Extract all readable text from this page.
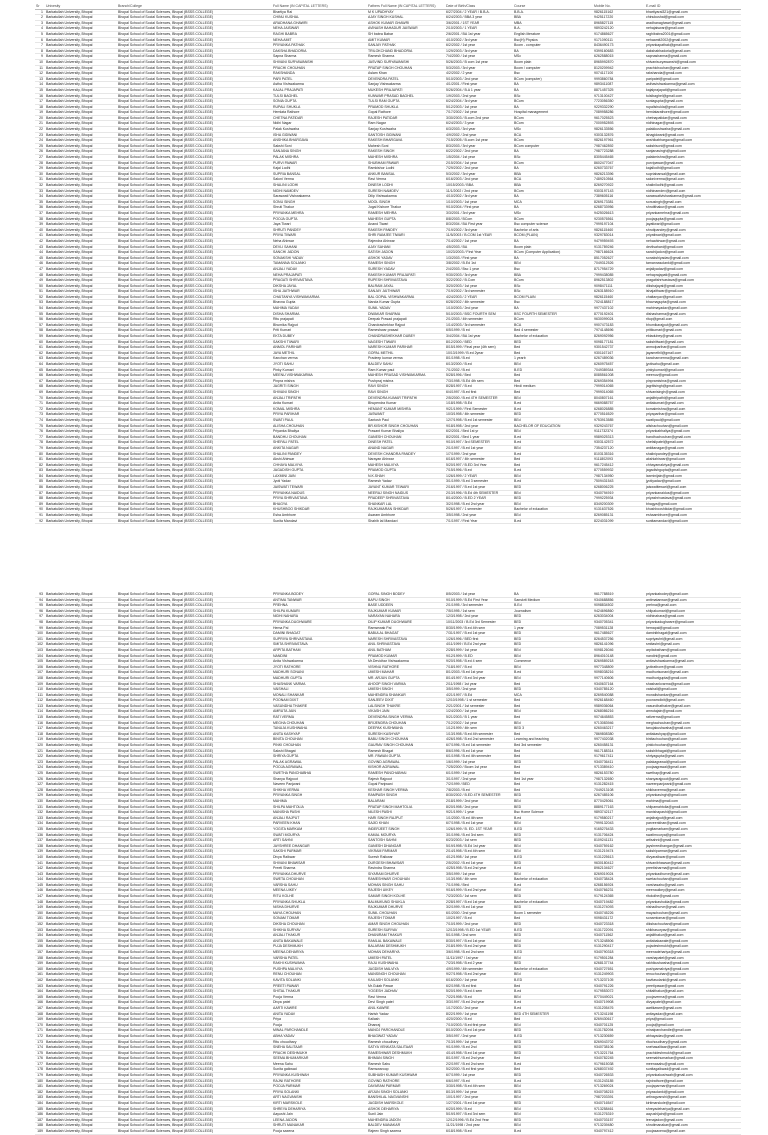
Sr	Univesity	Branch/College	Full Name (IN CAPITAL LETTERS)	Fathers Full Name (IN CAPITAL LETTERS)	Date of Birth/Class	Course	Mobile No.	E-mail ID
1	Barkatullah University, Bhopal	Bhopal School of Social Sciences, Bhopal (BSSS COLLEGE)	Bhartiya Rai	M K UPADHYAY	6/27/2004 / 2 YEAR / B.B.A.	B.B.A.	9826115162	bhartiyarai321@gmail.com
2	Barkatullah University, Bhopal	Bhopal School of Social Sciences, Bhopal (BSSS COLLEGE)	CHINU KUSHAL	AJAY SINGH KUSHAL	6/24/2003 / BBA 3 year	BBA	9425117220	chinukushal@gmail.com
3	Barkatullah University, Bhopal	Bhopal School of Social Sciences, Bhopal (BSSS COLLEGE)	ARADHANA GHAWRI	ASHOK KUMAR GHAWRI	3/6/2001 / 1ST YEAR	MBA	8965827115	aradhanaghawri@gmail.com
4	Barkatullah University, Bhopal	Bhopal School of Social Sciences, Bhopal (BSSS COLLEGE)	NEHA JAISWAR	AVINASH BAHADUR JAISWAR	2/10/2003 / 1 YEAR	B.A.	9893242120	nehajaiswar@gmail.com
5	Barkatullah University, Bhopal	Bhopal School of Social Sciences, Bhopal (BSSS COLLEGE)	RAGHI BABRA	SH babra Babar	2/6/2001 / BA 1st year	English literature	9174865627	raghibabra2001@gmail.com
6	Barkatullah University, Bhopal	Bhopal School of Social Sciences, Bhopal (BSSS COLLEGE)	NEHA AMIT	AMIT KUMAR	4/10/2002 / 3rd year	Bsc(H) Physics	9171090111	nehaamit2002@gmail.com
7	Barkatullah University, Bhopal	Bhopal School of Social Sciences, Bhopal (BSSS COLLEGE)	PRIYANKA PATHAK	SANJAY PATHAK	6/2/2002 / 1st year	Bcom - computer	8436490173	priyankapathak@gmail.com
8	Barkatullah University, Bhopal	Bhopal School of Social Sciences, Bhopal (BSSS COLLEGE)	DAKSHA BHADORIA	TRILOKCHAND BHADORIA	1/29/2003 / 3rd year	BA	9399160683	dakshabhadoria@gmail.com
9	Barkatullah University, Bhopal	Bhopal School of Social Sciences, Bhopal (BSSS COLLEGE)	Sapna Sharma	Ramesh Sharma	7/4/2000 / 1st year	MSc	6262588015	sapnasharma@gmail.com
10	Barkatullah University, Bhopal	Bhopal School of Social Sciences, Bhopal (BSSS COLLEGE)	SHIVANI SURYAWANSHI	JASVIND SURYAWANSHI	5/26/2003 / B com 1st year	Bcom plain	8965992870	shivanisuryawanshi@gmail.com
11	Barkatullah University, Bhopal	Bhopal School of Social Sciences, Bhopal (BSSS COLLEGE)	PRACHI CHOUHAN	PRATAP SINGH CHOUHAN	5/3/2003 / 3rd year	Bcom / computer	8120209942	prachichouhan@gmail.com
12	Barkatullah University, Bhopal	Bhopal School of Social Sciences, Bhopal (BSSS COLLEGE)	RAKSHANDA	Aslam Khan	4/2/2002 / 2 year	Bsc	9074117100	rakshanda@gmail.com
13	Barkatullah University, Bhopal	Bhopal School of Social Sciences, Bhopal (BSSS COLLEGE)	PARI PATEL	DEVENDRA PATEL	5/10/2003 / 2nd year	BCom (computer)	9993860784	paripatel@gmail.com
14	Barkatullah University, Bhopal	Bhopal School of Social Sciences, Bhopal (BSSS COLLEGE)	Astha Vishwakarma	Sanjay Vishwakarma	4/1/2001 / First year	BA	9893411087	asthavishwakarma@gmail.com
15	Barkatullah University, Bhopal	Bhopal School of Social Sciences, Bhopal (BSSS COLLEGE)	KAJAL PRAJAPATI	MUKESH PRAJAPATI	5/26/2004 / B.A 1 year	BA	8871457325	kajalprajapati@gmail.com
16	Barkatullah University, Bhopal	Bhopal School of Social Sciences, Bhopal (BSSS COLLEGE)	TULSI BAGHEL	KUNWAR PRASAD BAGHEL	1/9/2003 / 2nd year	BSc	9713100427	tulsibaghel@gmail.com
17	Barkatullah University, Bhopal	Bhopal School of Social Sciences, Bhopal (BSSS COLLEGE)	SONIA GUPTA	TULSI RAM GUPTA	6/24/2004 / 3rd year	BCom	7723056350	soniagupta@gmail.com
18	Barkatullah University, Bhopal	Bhopal School of Social Sciences, Bhopal (BSSS COLLEGE)	RUPALI SHUKLA	PRAMOD SHUKLA	5/12/2003 / 1st year	BA	9229332290	rupalishukla@gmail.com
19	Barkatullah University, Bhopal	Bhopal School of Social Sciences, Bhopal (BSSS COLLEGE)	Hemlata Rathore	Gopal Rathore	7/17/2002 / 1st year	Hospital management	7089958286	hemlatarathore@gmail.com
20	Barkatullah University, Bhopal	Bhopal School of Social Sciences, Bhopal (BSSS COLLEGE)	CHETNA PATIDAR	RAJESH PATIDAR	3/30/2003 / B.com 2nd year	BCom	9617025523	chetnapatidar@gmail.com
21	Barkatullah University, Bhopal	Bhopal School of Social Sciences, Bhopal (BSSS COLLEGE)	Nidhi Nagar	Ram Nagar	6/24/2003 / 3 year	BCom	7000952893	nidhinagar@gmail.com
22	Barkatullah University, Bhopal	Bhopal School of Social Sciences, Bhopal (BSSS COLLEGE)	Palak Kushwaha	Sanjay Kushwaha	6/3/2003 / 3rd year	MSc	9826133556	palakkushwaha@gmail.com
23	Barkatullah University, Bhopal	Bhopal School of Social Sciences, Bhopal (BSSS COLLEGE)	ISHA GIDWANI	SANTOSH GIDWANI	4/9/2002 / 2nd year	BCA	9303132876	ishagidwani@gmail.com
24	Barkatullah University, Bhopal	Bhopal School of Social Sciences, Bhopal (BSSS COLLEGE)	ANSHIKA BHARGAVA	RAKESH BHARGAVA	7/15/2005 / B.com 1st year	BCom	9826197961	anshikabhargava@gmail.com
25	Barkatullah University, Bhopal	Bhopal School of Social Sciences, Bhopal (BSSS COLLEGE)	Sakshi Soni	Mahesh Soni	8/3/2003 / 3rd year	BCom computer	7987462892	sakshisoni@gmail.com
26	Barkatullah University, Bhopal	Bhopal School of Social Sciences, Bhopal (BSSS COLLEGE)	SANJANA SINGH	RAKESH SINGH	6/22/2002 / 2nd year	BA	7987723288	sanjanasingh@gmail.com
27	Barkatullah University, Bhopal	Bhopal School of Social Sciences, Bhopal (BSSS COLLEGE)	PALAK MISHRA	MAHESH MISHRA	1/5/2004 / 1st year	BSc	8305445465	palakmishra@gmail.com
28	Barkatullah University, Bhopal	Bhopal School of Social Sciences, Bhopal (BSSS COLLEGE)	PURVI PAWAR	SHUBHAM PAWAR	2/15/2004 / 1st year	BCom	8602477047	purvipawar@gmail.com
29	Barkatullah University, Bhopal	Bhopal School of Social Sciences, Bhopal (BSSS COLLEGE)	Kajal Lodhi	Ramkishor Lodhi	7/29/2002 / 2nd year	BA	6260733767	kajallodhi@gmail.com
30	Barkatullah University, Bhopal	Bhopal School of Social Sciences, Bhopal (BSSS COLLEGE)	SUPRIA BANSAL	ANKUR BANSAL	5/3/2002 / 3rd year	BBA	9826213396	supriabansal@gmail.com
31	Barkatullah University, Bhopal	Bhopal School of Social Sciences, Bhopal (BSSS COLLEGE)	Saloni Verma	Ravi Verma	6/16/2003 / 2nd year	BCA	7489210564	saloniverma@gmail.com
32	Barkatullah University, Bhopal	Bhopal School of Social Sciences, Bhopal (BSSS COLLEGE)	SHALINI LODHI	DINESH LODHI	10/15/2003 / BBA	BBA	8269270922	shalinilodhi@gmail.com
33	Barkatullah University, Bhopal	Bhopal School of Social Sciences, Bhopal (BSSS COLLEGE)	NIDHI NAMDEV	SURESH NAMDEV	11/1/2002 / 2nd year	BCom	9303197143	nidhinamdev@gmail.com
34	Barkatullah University, Bhopal	Bhopal School of Social Sciences, Bhopal (BSSS COLLEGE)	Saraswati Vishwakarma	Dilip Vishwakarma	4/10/2002 / 3rd year	BA	7389605116	saraswativishwakarma@gmail.com
35	Barkatullah University, Bhopal	Bhopal School of Social Sciences, Bhopal (BSSS COLLEGE)	SONU SINGH	MOOL SINGH	1/10/2003 / 1st year	MCA	8269173381	sonusingh@gmail.com
36	Barkatullah University, Bhopal	Bhopal School of Social Sciences, Bhopal (BSSS COLLEGE)	Shruti Thakur	Jugal Kishore Thakur	9/10/2004 / First year	BA	6268733956	shrutithakur@gmail.com
37	Barkatullah University, Bhopal	Bhopal School of Social Sciences, Bhopal (BSSS COLLEGE)	PRIYANKA MEHRA	RAMESH MEHRA	3/3/2001 / 3rd year	MSc	9425026613	priyankamehra@gmail.com
38	Barkatullah University, Bhopal	Bhopal School of Social Sciences, Bhopal (BSSS COLLEGE)	POOJA GUPTA	MAHESH GUPTA	8/8/2003 / BCom	BCom	9230576561	poojagupta@gmail.com
39	Barkatullah University, Bhopal	Bhopal School of Social Sciences, Bhopal (BSSS COLLEGE)	Jaya Tiwari	Anand Tiwari	8/3/2004 / BA First year	Bsc computer science	7999197104	jayatiwari@gmail.com
40	Barkatullah University, Bhopal	Bhopal School of Social Sciences, Bhopal (BSSS COLLEGE)	SHRUTI PANDEY	RAKESH PANDEY	7/19/2002 / 3rd year	Bachelor of arts	9826115460	shrutipandey@gmail.com
41	Barkatullah University, Bhopal	Bhopal School of Social Sciences, Bhopal (BSSS COLLEGE)	PRIYA TIWARI	SHRI RAMJEE TIWARI	11/5/2003 / B.COM 1st YEAR	BCOM (PLAIN)	9329783014	priyatiwari@gmail.com
42	Barkatullah University, Bhopal	Bhopal School of Social Sciences, Bhopal (BSSS COLLEGE)	Neha Ahirwar	Rajendra Ahirwar	7/14/2002 / 1st year	BA	9479959493	nehaahirwar@gmail.com
43	Barkatullah University, Bhopal	Bhopal School of Social Sciences, Bhopal (BSSS COLLEGE)	DEVLI SAHANI	AJAY SAHANI	4/5/2003 / BA	Bcom plain	9131789246	devlisahani@gmail.com
44	Barkatullah University, Bhopal	Bhopal School of Social Sciences, Bhopal (BSSS COLLEGE)	SANCHI JADON	SATISH JADON	10/23/2003 / First Year	BCom (Computer Application)	7987166624	sanchijadon@gmail.com
45	Barkatullah University, Bhopal	Bhopal School of Social Sciences, Bhopal (BSSS COLLEGE)	SONAKSHI YADAV	ASHOK YADAV	1/3/2003 / First year	BA	8517052627	sonakshiyadav@gmail.com
46	Barkatullah University, Bhopal	Bhopal School of Social Sciences, Bhopal (BSSS COLLEGE)	TAMANNA SOLANKI	RAMESH SINGH	3/8/2002 / B.Ed 1st	BEd	7049312526	tamannasolanki@gmail.com
47	Barkatullah University, Bhopal	Bhopal School of Social Sciences, Bhopal (BSSS COLLEGE)	ANJALI YADAV	SURESH YADAV	2/4/2003 / Bsc 1 year	Bsc	8717954729	anjaliyadav@gmail.com
48	Barkatullah University, Bhopal	Bhopal School of Social Sciences, Bhopal (BSSS COLLEGE)	NEHA PRAJAPATI	RAKESH KUMAR PRAJAPATI	9/30/2003 / 3rd year	BBA	7999438085	nehaprajapati@gmail.com
49	Barkatullah University, Bhopal	Bhopal School of Social Sciences, Bhopal (BSSS COLLEGE)	PRAGATI SHRIVASTAVA	RUPESH SHRIVASTAVA	3/22/2002 / B.Com	BCom	8962513802	pragatishrivastava@gmail.com
50	Barkatullah University, Bhopal	Bhopal School of Social Sciences, Bhopal (BSSS COLLEGE)	DIKSHA JAYAL	BALRAM JAYAL	3/20/2003 / 1st year	BSc	9098471111	dikshajayal@gmail.com
51	Barkatullah University, Bhopal	Bhopal School of Social Sciences, Bhopal (BSSS COLLEGE)	ISHA JAITHWAR	SANJAY JAITHWAR	7/19/2002 / 3rd semester	BSc	6263158910	ishajaithwar@gmail.com
52	Barkatullah University, Bhopal	Bhopal School of Social Sciences, Bhopal (BSSS COLLEGE)	CHAITANYA VISHWAKARMA	BAL GOPAL VISHWAKARMA	4/24/2003 / 2 YEAR	BCOM PLAIN	9826115460	chaitanyav@gmail.com
53	Barkatullah University, Bhopal	Bhopal School of Social Sciences, Bhopal (BSSS COLLEGE)	Bhavna Gupta	Nanda Kumar Gupta	6/28/2002 / 4th semester	Bsc	7024188817	bhavnagupta@gmail.com
54	Barkatullah University, Bhopal	Bhopal School of Social Sciences, Bhopal (BSSS COLLEGE)	MAHIMA YADAV	SUNIL YADAV	1/10/2003 / 2nd year	BA	9977437102	mahimayadav@gmail.com
55	Barkatullah University, Bhopal	Bhopal School of Social Sciences, Bhopal (BSSS COLLEGE)	DISHA SHARMA	DIWAKAR SHARMA	5/10/2003 / BSC FOURTH SEM	BSC FOURTH SEMESTER	8770192401	dishasharma@gmail.com
56	Barkatullah University, Bhopal	Bhopal School of Social Sciences, Bhopal (BSSS COLLEGE)	Ritu prajapati	Deepak Prasad prajapati	2/1/2003 / 4th semester	BCom	9630099024	ritup@gmail.com
57	Barkatullah University, Bhopal	Bhopal School of Social Sciences, Bhopal (BSSS COLLEGE)	Bhumika Rajput	Chandrashekhar Rajput	1/14/2003 / 3rd semester	BCA	9907473183	bhumikarajput@gmail.com
58	Barkatullah University, Bhopal	Bhopal School of Social Sciences, Bhopal (BSSS COLLEGE)	Priti Kumari	Rameshwar prasad	6/5/1999 / B ed	Bed 4 semester	7974148696	pritikumari@gmail.com
59	Barkatullah University, Bhopal	Bhopal School of Social Sciences, Bhopal (BSSS COLLEGE)	EKTA DUBEY	CHANDRASHEKHAR DUBEY	3/4/2004 / BA 1st year	Bachelor of education	8269092956	ektadubey@gmail.com
60	Barkatullah University, Bhopal	Bhopal School of Social Sciences, Bhopal (BSSS COLLEGE)	SAKSHI TIWARI	NAGESH TIWARI	8/12/2000 / BED	BED	9098177181	sakshitiwari@gmail.com
61	Barkatullah University, Bhopal	Bhopal School of Social Sciences, Bhopal (BSSS COLLEGE)	ANMOL PARIHAR	NARESH KUMAR PARIHAR	8/15/1999 / Final year (4th sem)	Bed	9301542737	anmolparihar@gmail.com
62	Barkatullah University, Bhopal	Bhopal School of Social Sciences, Bhopal (BSSS COLLEGE)	JAYA METHIL	GOPAL METHIL	10/13/1999 / B.ed 2year	Bed	9301167167	jayamethil@gmail.com
63	Barkatullah University, Bhopal	Bhopal School of Social Sciences, Bhopal (BSSS COLLEGE)	Kanchan verma	Pradeep kumar verma	8/1/1998 / B.ed	1 yearb	6267489036	kanchanverma@gmail.com
64	Barkatullah University, Bhopal	Bhopal School of Social Sciences, Bhopal (BSSS COLLEGE)	JYOTI SAHU	BALDEV SAHU	6/13/2000 / B.ed	BEd	6260975457	jyotisahu@gmail.com
65	Barkatullah University, Bhopal	Bhopal School of Social Sciences, Bhopal (BSSS COLLEGE)	Pinky Kumari	Ram Kumar paul	7/1/2002 / B.ed	B.ED	7049389344	pinkykumari@gmail.com
66	Barkatullah University, Bhopal	Bhopal School of Social Sciences, Bhopal (BSSS COLLEGE)	MEENU VISHWAKARMA	MAHESH PRASAD VISHWAKARMA	5/28/1996 / Bed	Bed	8085561008	meenuv@gmail.com
67	Barkatullah University, Bhopal	Bhopal School of Social Sciences, Bhopal (BSSS COLLEGE)	Pinpra mishra	Pushpraj mishra	7/3/1998 / B.Ed 4th sem	Bed	8269354994	pinpramishra@gmail.com
68	Barkatullah University, Bhopal	Bhopal School of Social Sciences, Bhopal (BSSS COLLEGE)	JAGRITI SINGH	RAVI SINGH	8/28/1997 / B.ed	Hindi medium	7999014065	jagritisingh@gmail.com
69	Barkatullah University, Bhopal	Bhopal School of Social Sciences, Bhopal (BSSS COLLEGE)	SHIVANI SINGH	RAVI SINGH	6/4/1997 / B.ed first	Bed	7999014065	shivanisingh@gmail.com
70	Barkatullah University, Bhopal	Bhopal School of Social Sciences, Bhopal (BSSS COLLEGE)	ANJALI TRIPATHI	DEVENDRA KUMAR TRIPATHI	2/5/2000 / B.ed 4TH SEMESTER	BEd	8040807161	anjalitripathi@gmail.com
71	Barkatullah University, Bhopal	Bhopal School of Social Sciences, Bhopal (BSSS COLLEGE)	Anita Kumari	Bhupendra Kumar	1/18/1998 / B.Ed	B.ed	9669088757	anitakumari@gmail.com
72	Barkatullah University, Bhopal	Bhopal School of Social Sciences, Bhopal (BSSS COLLEGE)	KOMAL MISHRA	HEMANT KUMAR MISHRA	9/21/1999 / First Semester	B.ed	6268026885	komalmishra@gmail.com
73	Barkatullah University, Bhopal	Bhopal School of Social Sciences, Bhopal (BSSS COLLEGE)	PRIYA PARIHAR	JASWANT	10/3/1998 / 4th semester	BED	8770516529	priyaparihar@gmail.com
74	Barkatullah University, Bhopal	Bhopal School of Social Sciences, Bhopal (BSSS COLLEGE)	SWATI PAUL	Santosh Paul	12/7/1998 / B.ed 1st semester	BEd	9753913585	swatipaul@gmail.com
75	Barkatullah University, Bhopal	Bhopal School of Social Sciences, Bhopal (BSSS COLLEGE)	ALISHA CHOUHAN	BR.KISHOR SINGH CHOUHAN	9/18/1998 / 2nd year	BACHELOR OF EDUCATION	9329243767	alishachouhan@gmail.com
76	Barkatullah University, Bhopal	Bhopal School of Social Sciences, Bhopal (BSSS COLLEGE)	Priyanka Bhaliya	Prasant Kumar Bhaliya	6/2/2001 / Bed 1st yr	BEd	9111732374	priyankabhaliya@gmail.com
77	Barkatullah University, Bhopal	Bhopal School of Social Sciences, Bhopal (BSSS COLLEGE)	BANDHU CHOUHAN	GANESH CHOUHAN	8/2/2001 / Bed 1 year	B.ed	9589025313	bandhuchouhan@gmail.com
78	Barkatullah University, Bhopal	Bhopal School of Social Sciences, Bhopal (BSSS COLLEGE)	SHEFALI PATEL	DINESH PATEL	9/10/1997 / 3rd SEMESTER	B.ed	9303142572	shefalipatel@gmail.com
79	Barkatullah University, Bhopal	Bhopal School of Social Sciences, Bhopal (BSSS COLLEGE)	ANKITA NAGAR	ANAND NAGAR	2/1/1997 / B.ed 1st year	BEd	7354237120	ankitanagar@gmail.com
80	Barkatullah University, Bhopal	Bhopal School of Social Sciences, Bhopal (BSSS COLLEGE)	SHALINI PANDEY	DEVESH CHANDRA PANDEY	1/7/1999 / 2nd year	B.ed	8103135316	shalinipandey@gmail.com
81	Barkatullah University, Bhopal	Bhopal School of Social Sciences, Bhopal (BSSS COLLEGE)	Akshi Ahirwar	Narayan Ahirwar	6/16/1997 / 4th semester	Bed	9111802093	akshiahirwar@gmail.com
82	Barkatullah University, Bhopal	Bhopal School of Social Sciences, Bhopal (BSSS COLLEGE)	CHHAYA MALVIYA	MAHESH MALVIYA	5/20/1997 / B.ED 3rd Year	Bed	9617245412	chhayamalviya@gmail.com
83	Barkatullah University, Bhopal	Bhopal School of Social Sciences, Bhopal (BSSS COLLEGE)	JAGADISH GUPTA	PRAMOD GUPTA	7/15/1996 / B.ed	B.ed	8770559932	jagadishgupta@gmail.com
84	Barkatullah University, Bhopal	Bhopal School of Social Sciences, Bhopal (BSSS COLLEGE)	LAXMINI JAIN	N.K.SHAH	1/26/1999 / 2 YEAR	BEd	7987134950	laxminijain@gmail.com
85	Barkatullah University, Bhopal	Bhopal School of Social Sciences, Bhopal (BSSS COLLEGE)	Jyoti Yadav	Ramesh Yadav	3/1/1999 / B.ed 3 semester	B.ed	7509431543	jyotiyadav@gmail.com
86	Barkatullah University, Bhopal	Bhopal School of Social Sciences, Bhopal (BSSS COLLEGE)	JAISWATI TEWARI	JAYANT KUMAR TEWARI	2/16/1997 / B.ed 1st year	BED	6268006225	jaiswatitewari@gmail.com
87	Barkatullah University, Bhopal	Bhopal School of Social Sciences, Bhopal (BSSS COLLEGE)	PRIYANKA NAIDUS	NEERAJ SINGH NAIDUS	2/13/1996 / B.Ed 4th SEMESTER	BEd	9340794919	priyankanaidus@gmail.com
88	Barkatullah University, Bhopal	Bhopal School of Social Sciences, Bhopal (BSSS COLLEGE)	PRIYA SHRIVASTAVA	PRADEEP SHRIVASTAVA	8/14/2000 / B.ED 2 YEAR	BED	7999225934	priyashrivastava@gmail.com
89	Barkatullah University, Bhopal	Bhopal School of Social Sciences, Bhopal (BSSS COLLEGE)	BHAGYA	SHANKAR LAL	3/2/1998 / B.ed 2nd year	BEd	8349200309	bhagya@gmail.com
90	Barkatullah University, Bhopal	Bhopal School of Social Sciences, Bhopal (BSSS COLLEGE)	KHUSHBOO SHIKDAR	RAJKUMARAN SHIKDAR	5/26/1997 / 1 semester	Bachelor of education	9131637526	khushbooshikdar@gmail.com
91	Barkatullah University, Bhopal	Bhopal School of Social Sciences, Bhopal (BSSS COLLEGE)	Esha Ambhore	Asaram Ambhore	3/5/1998 / 2nd year	BEd	8269085131	eshaambhore@gmail.com
92	Barkatullah University, Bhopal	Bhopal School of Social Sciences, Bhopal (BSSS COLLEGE)	Sunita Mandavi	Shahib lal Mandavi	7/1/1997 / First Year	B.ed	8224031099	sunitamandavi@gmail.com
93	Barkatullah University, Bhopal	Bhopal School of Social Sciences, Bhopal (BSSS COLLEGE)	PRIYANKA BODEY	GOPAL SINGH BODEY	8/5/2003 / 1st year	BA	9617788519	priyankabodey@gmail.com
94	Barkatullah University, Bhopal	Bhopal School of Social Sciences, Bhopal (BSSS COLLEGE)	ANTIMA TANWAR	BAPU SINGH	9/10/1999 / B.Ed First Year	Sanskrit Medium	9340688856	antimatanwar@gmail.com
95	Barkatullah University, Bhopal	Bhopal School of Social Sciences, Bhopal (BSSS COLLEGE)	PREHNA	BASE UDDEEN	2/1/1995 / 3rd semester	B.Ed	9098834502	prehna@gmail.com
96	Barkatullah University, Bhopal	Bhopal School of Social Sciences, Bhopal (BSSS COLLEGE)	SHILPA KUMARI	RAJKUMAR KUMAR	7/5/1995 / 1st sem	Journalism	9424696860	shilpakumari@gmail.com
97	Barkatullah University, Bhopal	Bhopal School of Social Sciences, Bhopal (BSSS COLLEGE)	NIDHI NAHARA	NARAYAN NAHARA	12/3/1998 / 2nd year	BED	6263034004	nidhinahara@gmail.com
98	Barkatullah University, Bhopal	Bhopal School of Social Sciences, Bhopal (BSSS COLLEGE)	PRIYANKA DUGHWARE	DILIP KUMAR DUGHWARE	10/11/2003 / B.Ed 3rd Semester	BED	9340705341	priyankadughware@gmail.com
99	Barkatullah University, Bhopal	Bhopal School of Social Sciences, Bhopal (BSSS COLLEGE)	Hema Pal	Ramsewak Pal	8/30/1999 / B.ed 4th sem	1 year	7089531128	hemapal@gmail.com
100	Barkatullah University, Bhopal	Bhopal School of Social Sciences, Bhopal (BSSS COLLEGE)	DAMINI BHAGAT	BABULAL BHAGAT	7/31/1997 / B.ed 1st year	BED	9617485627	daminibhagat@gmail.com
101	Barkatullah University, Bhopal	Bhopal School of Social Sciences, Bhopal (BSSS COLLEGE)	SUPRIYA SHRIVASTAVA	NARESH SHRIVASTAVA	1/26/1996 / BED first	BED	8264537256	supriyashri@gmail.com
102	Barkatullah University, Bhopal	Bhopal School of Social Sciences, Bhopal (BSSS COLLEGE)	SMITA SHRIVASTAVA	ANIL SHRIVASTAVA	4/11/1999 / B.Ed 2nd year	BED	9826141096	smitashri@gmail.com
103	Barkatullah University, Bhopal	Bhopal School of Social Sciences, Bhopal (BSSS COLLEGE)	ARPITA BATHAM	ANIL BATHAM	2/28/1999 / 1st year	BEd	9098126046	arpitabatham@gmail.com
104	Barkatullah University, Bhopal	Bhopal School of Social Sciences, Bhopal (BSSS COLLEGE)	NANDINI	PRAMOD KUMAR	9/12/1999 / B.ED	BEd	8964010148	nandini@gmail.com
105	Barkatullah University, Bhopal	Bhopal School of Social Sciences, Bhopal (BSSS COLLEGE)	Anita Vishwakarma	Mr.Devidhar Vishwakarma	9/20/1998 / B.ed 4 sem	Commerce	8269589218	anitavishwakarma@gmail.com
106	Barkatullah University, Bhopal	Bhopal School of Social Sciences, Bhopal (BSSS COLLEGE)	JYOTI RATHORE	VISHNU RATHORE	7/18/1997 / B.ed	BEd	9977348809	jyotirathore@gmail.com
107	Barkatullah University, Bhopal	Bhopal School of Social Sciences, Bhopal (BSSS COLLEGE)	MADHURI SONANI	UMESH MAHAR	8/1/2003 / B.ed 1st year	B.ed	9098038216	madhurisonani@gmail.com
108	Barkatullah University, Bhopal	Bhopal School of Social Sciences, Bhopal (BSSS COLLEGE)	MADHURI GUPTA	MR. ARJUN GUPTA	8/14/1997 / B.ed 3rd year	BEd	9977140606	madhurigupta@gmail.com
109	Barkatullah University, Bhopal	Bhopal School of Social Sciences, Bhopal (BSSS COLLEGE)	SHASHANK VARMA	AHOOP SINGH VARMA	2/11/1998 / 1st year	Bed	9340637164	shashankvarma@gmail.com
110	Barkatullah University, Bhopal	Bhopal School of Social Sciences, Bhopal (BSSS COLLEGE)	VAISHALI	UMESH SINGH	3/5/1999 / 2nd year	BED	9340785120	vaishali@gmail.com
111	Barkatullah University, Bhopal	Bhopal School of Social Sciences, Bhopal (BSSS COLLEGE)	MONALI SHANKAR	MAHENDRA SHANKAR	4/21/1997 / B.Ed	MCA	8269540088	monalishankar@gmail.com
112	Barkatullah University, Bhopal	Bhopal School of Social Sciences, Bhopal (BSSS COLLEGE)	POONAM DIXIT	SANJEEV DIXIT	12/10/1998 / 1 st semester	Bed	9926168460	poonamdixit@gmail.com
113	Barkatullah University, Bhopal	Bhopal School of Social Sciences, Bhopal (BSSS COLLEGE)	VASUNDHA THAKRE	LALSINGH THAKRE	2/21/2001 / 1st semester	Bed	9589036064	vasundhathakre@gmail.com
114	Barkatullah University, Bhopal	Bhopal School of Social Sciences, Bhopal (BSSS COLLEGE)	AMRUTA JAIN	VIKASH JAIN	1/24/2000 / 1st year	BEd	6268086216	amrutajain@gmail.com
115	Barkatullah University, Bhopal	Bhopal School of Social Sciences, Bhopal (BSSS COLLEGE)	RATI VERMA	DEVENDRA SINGH VERMA	5/21/2003 / B 1 year	Bed	9074645853	rativerma@gmail.com
116	Barkatullah University, Bhopal	Bhopal School of Social Sciences, Bhopal (BSSS COLLEGE)	MEGHA CHOUHAN	BRIJENDRA CHOUHAN	7/12/2002 / 1st year	BEd	9713083946	meghachouhan@gmail.com
117	Barkatullah University, Bhopal	Bhopal School of Social Sciences, Bhopal (BSSS COLLEGE)	TANUJA KUSHWAHA	DEEPAK KUSHWAHA	1/12/1999 / 4th sem	BED 3	6260463217	tanujakushwaha@gmail.com
118	Barkatullah University, Bhopal	Bhopal School of Social Sciences, Bhopal (BSSS COLLEGE)	ANITA KASHYAP	SURESH KASHYAP	1/13/1998 / B.ed 4th semester	Bed	7869808380	anitakashyap@gmail.com
119	Barkatullah University, Bhopal	Bhopal School of Social Sciences, Bhopal (BSSS COLLEGE)	BINITA CHOUHAN	BABU SINGH CHOUHAN	4/26/1998 / B.ed 2nd semester	Learning and teaching	9977402038	binitachouhan@gmail.com
120	Barkatullah University, Bhopal	Bhopal School of Social Sciences, Bhopal (BSSS COLLEGE)	PINKI CHOUHAN	GAURAV SINGH CHOUHAN	6/7/1996 / B.ed 1st semester	Bed 3rd semester	6260458131	pinkichouhan@gmail.com
121	Barkatullah University, Bhopal	Bhopal School of Social Sciences, Bhopal (BSSS COLLEGE)	Sakshi Bhagat	Ramesh Bhagat	8/6/1996 / B.ed 1st year	Bed	9617188314	sakshibhagat@gmail.com
122	Barkatullah University, Bhopal	Bhopal School of Social Sciences, Bhopal (BSSS COLLEGE)	SHRIYA GUPTA	MR. PAWAN GUPTA	6/1/1998 / B.ed 4th semester	Bed	9179617411	shriyagupta@gmail.com
123	Barkatullah University, Bhopal	Bhopal School of Social Sciences, Bhopal (BSSS COLLEGE)	PALAK AGRAWAL	GOVIND AGRAWAL	1/6/1999 / 1st year	BED	9340736411	palakagrawal@gmail.com
124	Barkatullah University, Bhopal	Bhopal School of Social Sciences, Bhopal (BSSS COLLEGE)	POOJA AGRAWAL	KISHOR AGRAWAL	7/25/2000 / Bcom 1st year	Bed	9713389410	poojaagrawal@gmail.com
125	Barkatullah University, Bhopal	Bhopal School of Social Sciences, Bhopal (BSSS COLLEGE)	SWETHA PANCHABHAI	RAMESH PANCHABHAI	6/1/1999 / 1st year	Bed	9826153780	swethap@gmail.com
126	Barkatullah University, Bhopal	Bhopal School of Social Sciences, Bhopal (BSSS COLLEGE)	Shanya Rajpoot	Rajesh Rajpoot	3/1/1997 / 2nd year	Bed 1st year	7987132650	shanyarajpoot@gmail.com
127	Barkatullah University, Bhopal	Bhopal School of Social Sciences, Bhopal (BSSS COLLEGE)	Naveen Panjwani	Gopal Panjwani	7/2/1999 / BED	Bed	9131282415	naveenpanjwani@gmail.com
128	Barkatullah University, Bhopal	Bhopal School of Social Sciences, Bhopal (BSSS COLLEGE)	SHIKHA VERMA	KESHAR SINGH VERMA	7/8/2003 / B.ed	Bed	7049213108	shikhaverma@gmail.com
129	Barkatullah University, Bhopal	Bhopal School of Social Sciences, Bhopal (BSSS COLLEGE)	PRIYANKA SINGH	RAMPASH SINGH	8/30/2002 / B.ED 4TH SEMESTER	BED	6267485106	priyankasingh@gmail.com
130	Barkatullah University, Bhopal	Bhopal School of Social Sciences, Bhopal (BSSS COLLEGE)	MAHIMA	BALARAM	2/18/1999 / 2nd year	BEd	8770425061	mahima@gmail.com
131	Barkatullah University, Bhopal	Bhopal School of Social Sciences, Bhopal (BSSS COLLEGE)	SHILPA MAHTOLIA	PRATAP SINGH MAHTOLIA	8/20/1998 / 2nd year	BED	8889177163	shilpamahtolia@gmail.com
132	Barkatullah University, Bhopal	Bhopal School of Social Sciences, Bhopal (BSSS COLLEGE)	MANISHA PASHI	NILESH PASHI	9/21/1999 / 1 year	Bsc Home Science	9893742117	manishapashi@gmail.com
133	Barkatullah University, Bhopal	Bhopal School of Social Sciences, Bhopal (BSSS COLLEGE)	ANJALI RAJPUT	HARI SINGH RAJPUT	1/1/2000 / B.ed 4th sem	B.ed	9179580217	anjalirajput@gmail.com
134	Barkatullah University, Bhopal	Bhopal School of Social Sciences, Bhopal (BSSS COLLEGE)	PARVEEN KHAN	SAJID KHAN	6/7/1998 / B.ed 1st year	BEd	7999132043	parveenkhan@gmail.com
135	Barkatullah University, Bhopal	Bhopal School of Social Sciences, Bhopal (BSSS COLLEGE)	YOGITA MARKAM	INDERJEET SINGH	1/26/1999 / B. ED. 1ST YEAR	B.ED	9165276433	yogitamarkam@gmail.com
136	Barkatullah University, Bhopal	Bhopal School of Social Sciences, Bhopal (BSSS COLLEGE)	SWATI MOURYA	KAMAL MOURYA	3/1/1996 / B.ed 3rd sem	BED	9131706424	swatimourya@gmail.com
137	Barkatullah University, Bhopal	Bhopal School of Social Sciences, Bhopal (BSSS COLLEGE)	ARTI SAHNI	SANTOSH SAHNI	6/23/2003 / 1st sem	BED	8109241131	artisahni@gmail.com
138	Barkatullah University, Bhopal	Bhopal School of Social Sciences, Bhopal (BSSS COLLEGE)	JAYSHREE DHANGAR	GANESH DHANGAR	5/19/1998 / B.Ed 1st year	BEd	9340759162	jayshreedhangar@gmail.com
139	Barkatullah University, Bhopal	Bhopal School of Social Sciences, Bhopal (BSSS COLLEGE)	SAKSHI PARMAR	VIKRAM PARMAR	2/14/1998 / B.ed 4th sem	BEd	9131219474	sakshiparmar@gmail.com
140	Barkatullah University, Bhopal	Bhopal School of Social Sciences, Bhopal (BSSS COLLEGE)	Divya Raikwar	Suresh Raikwar	4/12/1998 / 1st year	B.ED	9131225613	divyaraikwar@gmail.com
141	Barkatullah University, Bhopal	Bhopal School of Social Sciences, Bhopal (BSSS COLLEGE)	SHIVANI BHAWSAR	DURGESH BHAWSAR	2/5/2002 / B.ed 1st year	BED	9630180412	shivanibhawsar@gmail.com
142	Barkatullah University, Bhopal	Bhopal School of Social Sciences, Bhopal (BSSS COLLEGE)	Preeti Sharma	Ravindra Sharma	4/25/1998 / B.ed 2nd year	B.ed	8962104627	preetisharma@gmail.com
143	Barkatullah University, Bhopal	Bhopal School of Social Sciences, Bhopal (BSSS COLLEGE)	PRIYANKA DHURVE	SIYARAM DHURVE	3/5/1999 / 1st year	BEd	8269019024	priyankadhurve@gmail.com
144	Barkatullah University, Bhopal	Bhopal School of Social Sciences, Bhopal (BSSS COLLEGE)	SWETA CHOUHAN	RAMESHWAR CHOUHAN	1/13/1998 / 4th sem	Bachelor of education	9340738424	swetachouhan@gmail.com
145	Barkatullah University, Bhopal	Bhopal School of Social Sciences, Bhopal (BSSS COLLEGE)	VARSHA SAHU	MOHAN SINGH SAHU	7/1/1996 / Bed	B.ed	6268156924	varshasahu@gmail.com
146	Barkatullah University, Bhopal	Bhopal School of Social Sciences, Bhopal (BSSS COLLEGE)	MEENA UIKEY	RAJESH UIKEY	9/16/1999 / B.ed 2nd year	BEd	9340766231	meenauikey@gmail.com
147	Barkatullah University, Bhopal	Bhopal School of Social Sciences, Bhopal (BSSS COLLEGE)	RITU KOLHE	SAMAR SINGH KOLHE	7/23/2003 / 1st sem	BED	9179124365	ritukolhe@gmail.com
148	Barkatullah University, Bhopal	Bhopal School of Social Sciences, Bhopal (BSSS COLLEGE)	PRIYANKA SHUKLA	BALMUKUND SHUKLA	2/28/1997 / B.ed 1st year	Bachelor of education	9340719482	priyankashukla@gmail.com
149	Barkatullah University, Bhopal	Bhopal School of Social Sciences, Bhopal (BSSS COLLEGE)	NISHA DHURVE	RAJKUMAR DHURVE	3/2/1999 / B.ed 1st year	BED	9131274093	nishadhurve@gmail.com
150	Barkatullah University, Bhopal	Bhopal School of Social Sciences, Bhopal (BSSS COLLEGE)	MAYA CHOUHAN	SUNIL CHOUHAN	6/1/2000 / 2nd year	Bcom 1 semester	9340745226	mayachouhan@gmail.com
151	Barkatullah University, Bhopal	Bhopal School of Social Sciences, Bhopal (BSSS COLLEGE)	SONAM TOMAR	RAJESH TOMAR	10/2/1997 / B.ed	Bed	9098431172	sonamtomar@gmail.com
152	Barkatullah University, Bhopal	Bhopal School of Social Sciences, Bhopal (BSSS COLLEGE)	DIKSHA CHOUHAN	AMAR SINGH CHOUHAN	7/10/1999 / 2nd year	BED	9340723318	dikshachouhan@gmail.com
153	Barkatullah University, Bhopal	Bhopal School of Social Sciences, Bhopal (BSSS COLLEGE)	SHIKHA SURYAV	SURESH SURYAV	12/13/1998 / B.ED 1st YEAR	B.ED	9131722091	shikhasuryav@gmail.com
154	Barkatullah University, Bhopal	Bhopal School of Social Sciences, Bhopal (BSSS COLLEGE)	ANJALI THAKUR	DHANIRAM THAKUR	5/1/1998 / 2nd sem	BED	9340711562	anjalithakur@gmail.com
155	Barkatullah University, Bhopal	Bhopal School of Social Sciences, Bhopal (BSSS COLLEGE)	ANITA BAKAWALE	RAMLAL BAKAWALE	8/30/1997 / B.ed 1st year	BEd	9713248506	anitabakawale@gmail.com
156	Barkatullah University, Bhopal	Bhopal School of Social Sciences, Bhopal (BSSS COLLEGE)	PUJA DESHMUKH	BALARAM DESHMUKH	2/18/1999 / B.ed 2nd year	BED	9131290417	pujadeshmukh@gmail.com
157	Barkatullah University, Bhopal	Bhopal School of Social Sciences, Bhopal (BSSS COLLEGE)	MEENA DEHARIYA	MOHAN DEHARIYA	3/6/1998 / B.ed 2nd sem	B.ED	9340790318	meenadehariya@gmail.com
158	Barkatullah University, Bhopal	Bhopal School of Social Sciences, Bhopal (BSSS COLLEGE)	VARSHA PATEL	UMESH PATEL	11/11/1997 / 1st year	BEd	9179501284	varshapatel@gmail.com
159	Barkatullah University, Bhopal	Bhopal School of Social Sciences, Bhopal (BSSS COLLEGE)	RAKHI KUSHWAHA	RAJU KUSHWAHA	7/23/1998 / B.ed 2 year	BED	6268137744	rakhikushwaha@gmail.com
160	Barkatullah University, Bhopal	Bhopal School of Social Sciences, Bhopal (BSSS COLLEGE)	PUSHPA MALVIYA	JAGDISH MALVIYA	4/9/1999 / 4th semester	Bachelor of education	9340727651	pushpamalviya@gmail.com
161	Barkatullah University, Bhopal	Bhopal School of Social Sciences, Bhopal (BSSS COLLEGE)	RENU CHOUHAN	MANSINGH CHOUHAN	9/27/1998 / B.ed 2nd year	BEd	9131249903	renuchouhan@gmail.com
162	Barkatullah University, Bhopal	Bhopal School of Social Sciences, Bhopal (BSSS COLLEGE)	KAVITA SOLANKI	KAILASH SOLANKI	6/16/2000 / 1st year	B.ED	9713237105	kavitasolanki@gmail.com
163	Barkatullah University, Bhopal	Bhopal School of Social Sciences, Bhopal (BSSS COLLEGE)	PREETI PAWAR	Mr.Gulab Pawar	6/2/1998 / B.ed first	Bed	9340791226	preetipawar@gmail.com
164	Barkatullah University, Bhopal	Bhopal School of Social Sciences, Bhopal (BSSS COLLEGE)	SHITAL THAKUR	YOGESH JADHAV	5/20/1999 / B.ed 4 sem	B.ed	9179553072	shitalthakur@gmail.com
165	Barkatullah University, Bhopal	Bhopal School of Social Sciences, Bhopal (BSSS COLLEGE)	Pooja Verma	Ravi Verma	7/22/1998 / B.ed	BEd	8770449021	poojaverma@gmail.com
166	Barkatullah University, Bhopal	Bhopal School of Social Sciences, Bhopal (BSSS COLLEGE)	Divya patel	Devi Singh patel	3/3/1997 / B.ed 2nd year	B.ed	9340719908	divyapatel@gmail.com
167	Barkatullah University, Bhopal	Bhopal School of Social Sciences, Bhopal (BSSS COLLEGE)	AARTI KAWRE	ANIL KAWRE	1/17/2003 / 2nd year	B.ed	9131205476	aartikawre@gmail.com
168	Barkatullah University, Bhopal	Bhopal School of Social Sciences, Bhopal (BSSS COLLEGE)	ANITA YADAV	Harish Yadav	8/22/1999 / 1st year	BED 4TH SEMESTER	9713241198	anitayadav@gmail.com
169	Barkatullah University, Bhopal	Bhopal School of Social Sciences, Bhopal (BSSS COLLEGE)	Priya	Kailash	4/20/2000 / B.ed	Bed	8269430617	priya@gmail.com
170	Barkatullah University, Bhopal	Bhopal School of Social Sciences, Bhopal (BSSS COLLEGE)	Pooja	Dhanraj	7/10/2003 / B.ed first year	BEd	9340701125	pooja@gmail.com
171	Barkatullah University, Bhopal	Bhopal School of Social Sciences, Bhopal (BSSS COLLEGE)	MINAL PARCHANDLE	MANOJ PARCHANDLE	8/10/2000 / B.ed 1st year	BED	9131782094	minalparchandle@gmail.com
172	Barkatullah University, Bhopal	Bhopal School of Social Sciences, Bhopal (BSSS COLLEGE)	ABHA YADAV	BHAGWAT YADAV	3/5/1997 / 2nd year	B.ED	9713230659	abhayadav@gmail.com
173	Barkatullah University, Bhopal	Bhopal School of Social Sciences, Bhopal (BSSS COLLEGE)	Ritu choudhary	Ramesh choudhary	7/13/1999 / 1st year	BED	8269043702	rituchoudhary@gmail.com
174	Barkatullah University, Bhopal	Bhopal School of Social Sciences, Bhopal (BSSS COLLEGE)	SNEHA SALITAAR	SATYA VENKATA SALITAAR	9/1/1999 / B.ed 2nd	BED	9340738106	snehasalitaar@gmail.com
175	Barkatullah University, Bhopal	Bhopal School of Social Sciences, Bhopal (BSSS COLLEGE)	PRACHI DESHMUKH	RAMESHWAR DESHMUKH	4/14/1998 / B.ed 1st year	BED	9713221764	prachideshmukh@gmail.com
176	Barkatullah University, Bhopal	Bhopal School of Social Sciences, Bhopal (BSSS COLLEGE)	SEEMA BHUMARKAR	BHIMAN SINGH	8/1/1997 / B.ed 2nd year	Bed	9340782245	seemabhumarkar@gmail.com
177	Barkatullah University, Bhopal	Bhopal School of Social Sciences, Bhopal (BSSS COLLEGE)	Meena Sahu	Ramesh Sahu	2/2/1997 / B.ed 2nd sem	B.ed	9179615038	meenasahu@gmail.com
178	Barkatullah University, Bhopal	Bhopal School of Social Sciences, Bhopal (BSSS COLLEGE)	Sunita gaikwad	Ramswaroop	5/2/2000 / B.ed first year	Bed	6268037492	sunitagaikwad@gmail.com
179	Barkatullah University, Bhopal	Bhopal School of Social Sciences, Bhopal (BSSS COLLEGE)	PRIYANKA KUSHWAH	SUBHASH KUMAR KUSHWAH	6/7/1999 / 1st year	BED	9340726533	priyankakushwah@gmail.com
180	Barkatullah University, Bhopal	Bhopal School of Social Sciences, Bhopal (BSSS COLLEGE)	RAJNI RATHORE	GOVIND RATHORE	6/6/1997 / B.ed	B.ed	9131243185	rajnirathore@gmail.com
181	Barkatullah University, Bhopal	Bhopal School of Social Sciences, Bhopal (BSSS COLLEGE)	POOJA PARMAR	DAYARAM PARMAR	3/30/1998 / B.ed 4th sem	BEd	9713269024	poojaparmar@gmail.com
182	Barkatullah University, Bhopal	Bhopal School of Social Sciences, Bhopal (BSSS COLLEGE)	PRIYA SOLANKI	ARJUN SINGH SOLANKI	8/13/1999 / 1st year	BED	9340708215	priyasolanki@gmail.com
183	Barkatullah University, Bhopal	Bhopal School of Social Sciences, Bhopal (BSSS COLLEGE)	ARTI NAGVANSHI	BANSHILAL NAGVANSHI	10/1/1997 / 2nd year	BEd	7987203391	artinagvanshi@gmail.com
184	Barkatullah University, Bhopal	Bhopal School of Social Sciences, Bhopal (BSSS COLLEGE)	KIRTI MARSKOLE	JAGDISH MARSKOLE	1/27/2001 / B.ed 1st year	BED	9340716547	kirtimarskole@gmail.com
185	Barkatullah University, Bhopal	Bhopal School of Social Sciences, Bhopal (BSSS COLLEGE)	SHREYA DEHARIYA	ASHOK DEHARIYA	6/20/1999 / B.ed	BEd	9713258461	shreyadehariya@gmail.com
186	Barkatullah University, Bhopal	Bhopal School of Social Sciences, Bhopal (BSSS COLLEGE)	Aayushi Jain	Sunil Jain	5/19/1997 / B.ed 3rd sem	BEd	9131276319	aayushijain@gmail.com
187	Barkatullah University, Bhopal	Bhopal School of Social Sciences, Bhopal (BSSS COLLEGE)	LEENA JADON	MAHENDRA JADON	12/12/1996 / B.Ed 2nd Year	BED	9340703157	leenajadon@gmail.com
188	Barkatullah University, Bhopal	Bhopal School of Social Sciences, Bhopal (BSSS COLLEGE)	SHRUTI MANAKAR	BALDEV MANAKAR	11/21/1998 / 2nd year	BEd	9713239480	shrutimanakar@gmail.com
189	Barkatullah University, Bhopal	Bhopal School of Social Sciences, Bhopal (BSSS COLLEGE)	Pooja saxena	Rajeev Singh saxena	6/18/1998 / B.ed	B.ed	9340797412	poojasaxena@gmail.com
